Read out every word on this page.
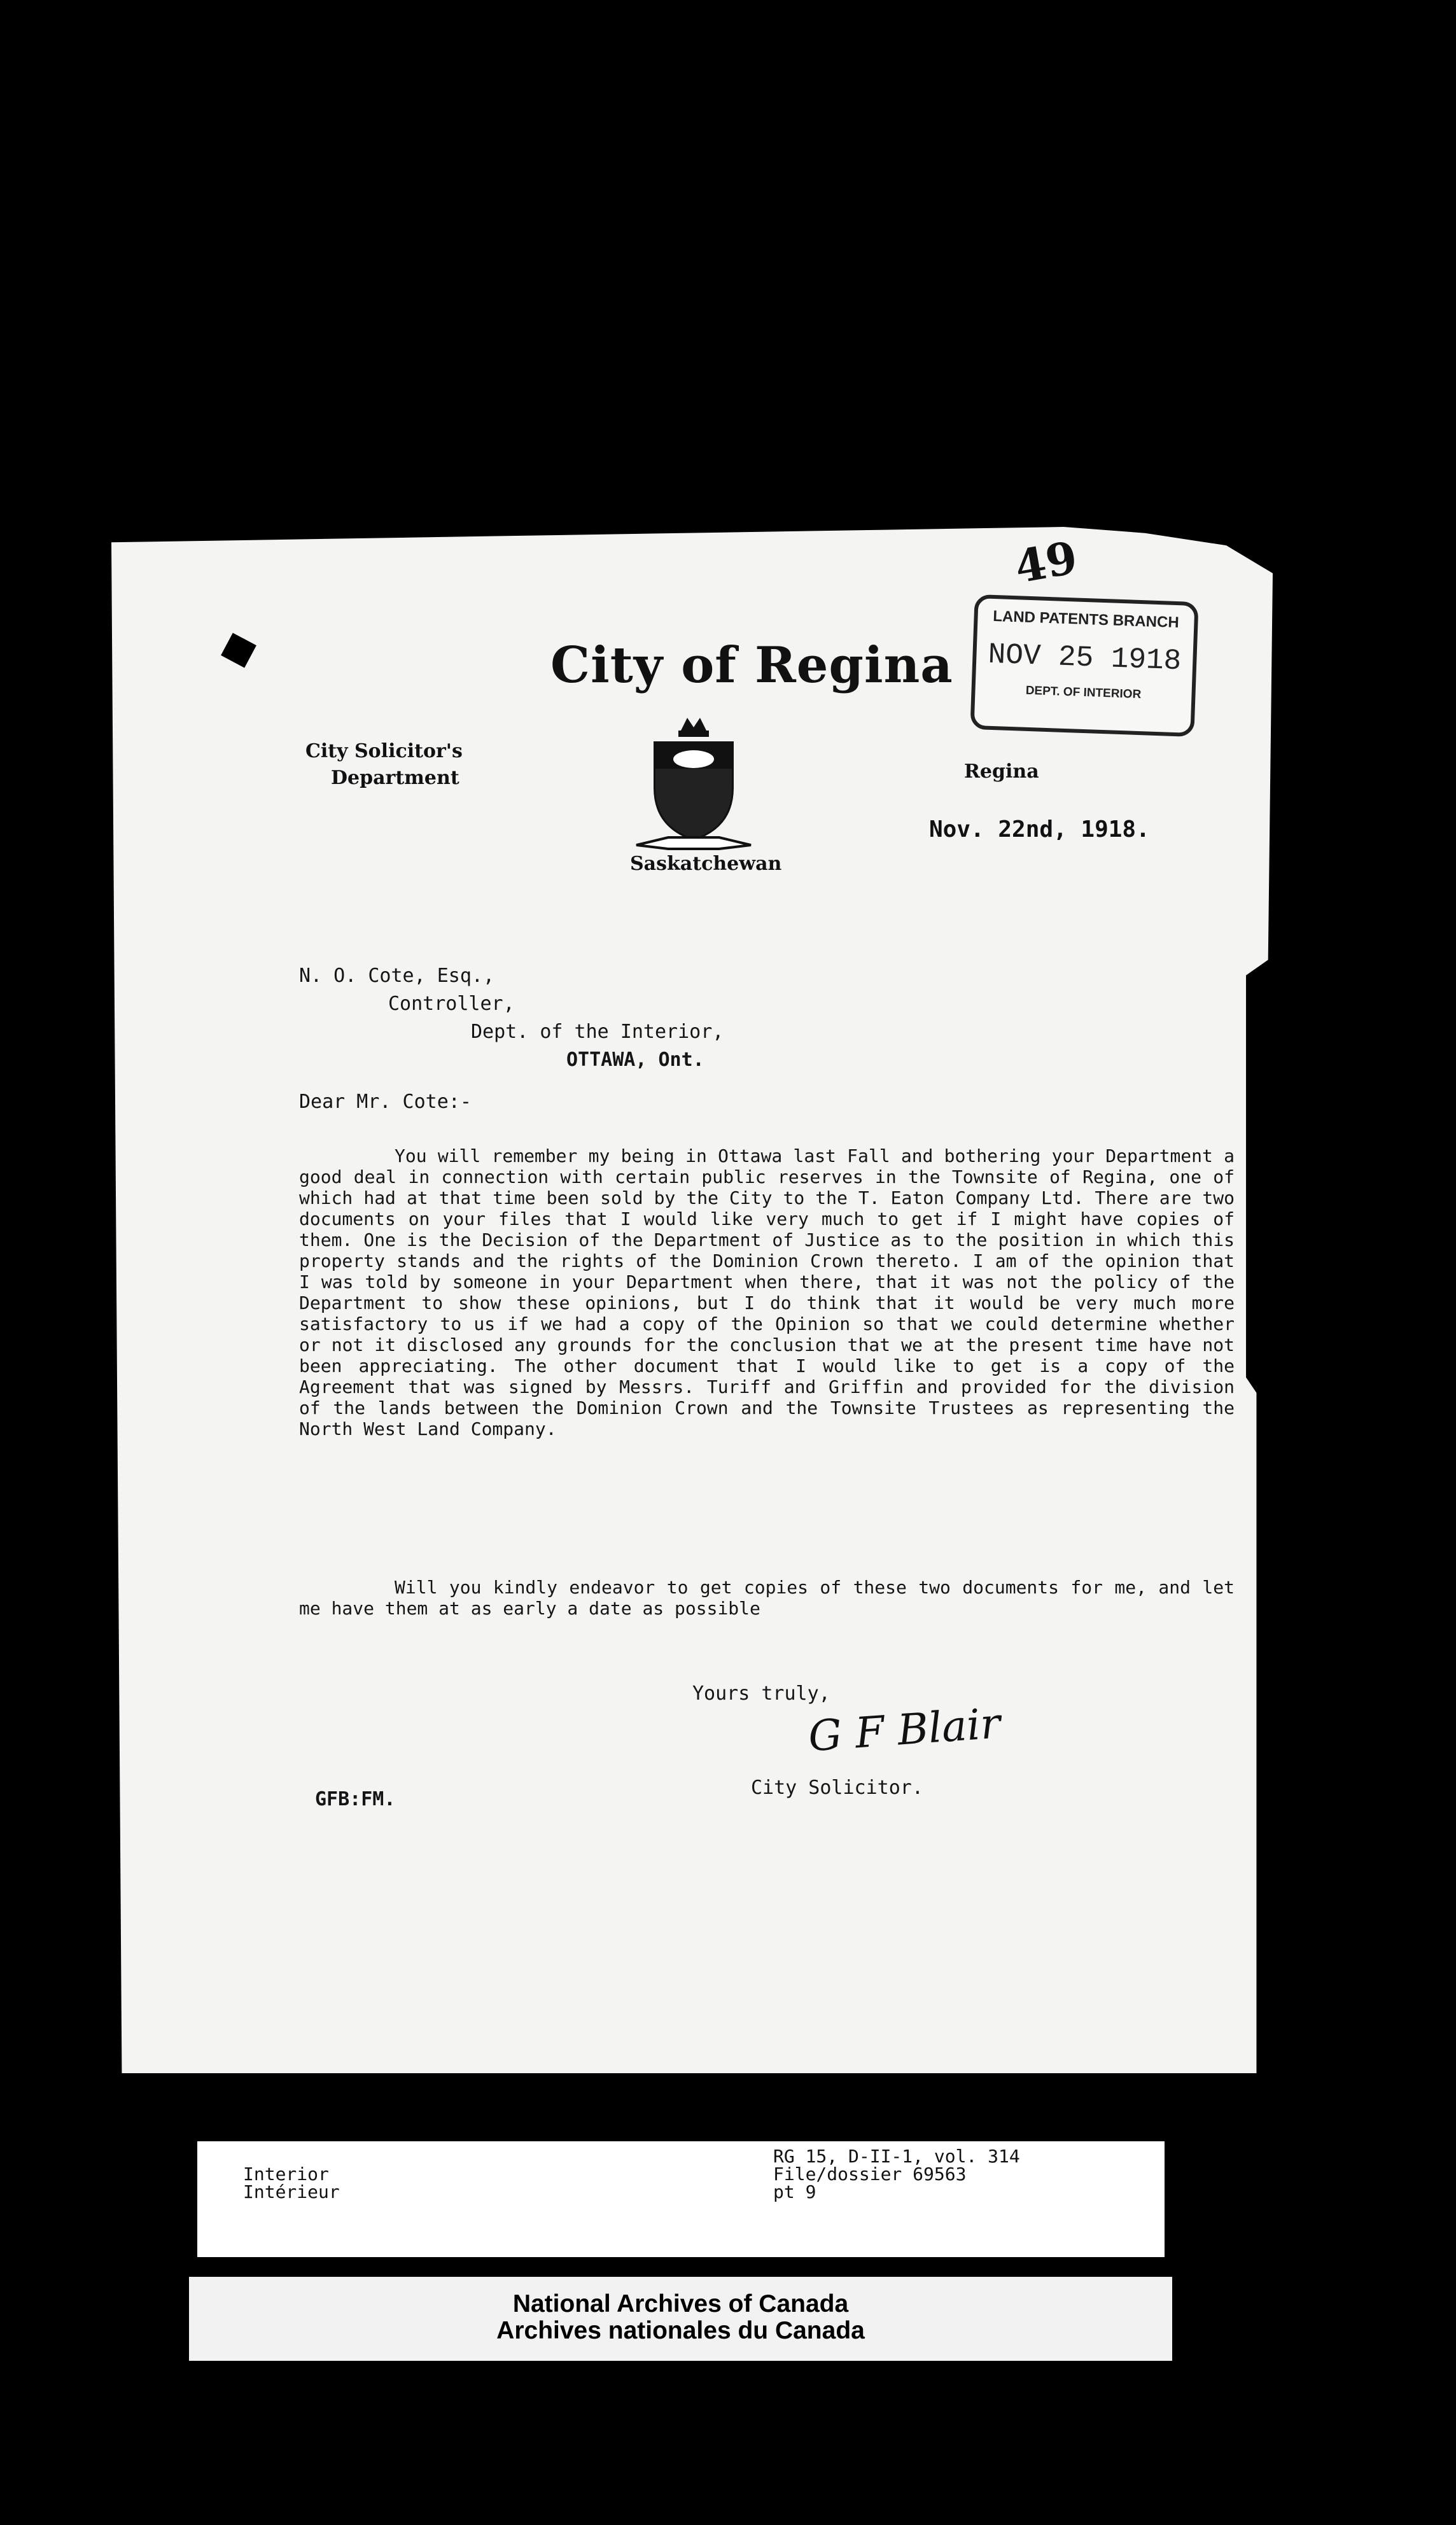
49
LAND PATENTS BRANCH
NOV 25 1918
DEPT. OF INTERIOR
City of Regina
City Solicitor's
Department	Regina
Saskatchewan
Nov. 22nd, 1918.
N. O. Cote, Esq.,
Controller,
Dept. of the Interior,
OTTAWA, Ont.
Dear Mr. Cote:-
You will remember my being in Ottawa last Fall and bothering your Department a good deal in connection with certain public reserves in the Townsite of Regina, one of which had at that time been sold by the City to the T. Eaton Company Ltd. There are two documents on your files that I would like very much to get if I might have copies of them. One is the Decision of the Department of Justice as to the position in which this property stands and the rights of the Dominion Crown thereto. I am of the opinion that I was told by someone in your Department when there, that it was not the policy of the Department to show these opinions, but I do think that it would be very much more satisfactory to us if we had a copy of the Opinion so that we could determine whether or not it disclosed any grounds for the conclusion that we at the present time have not been appreciating. The other document that I would like to get is a copy of the Agreement that was signed by Messrs. Turiff and Griffin and provided for the division of the lands between the Dominion Crown and the Townsite Trustees as representing the North West Land Company.
Will you kindly endeavor to get copies of these two documents for me, and let me have them at as early a date as possible
Yours truly,
G F Blair
City Solicitor.
GFB:FM.
Interior
Intérieur
RG 15, D-II-1, vol. 314
File/dossier 69563
pt 9
National Archives of Canada
Archives nationales du Canada
